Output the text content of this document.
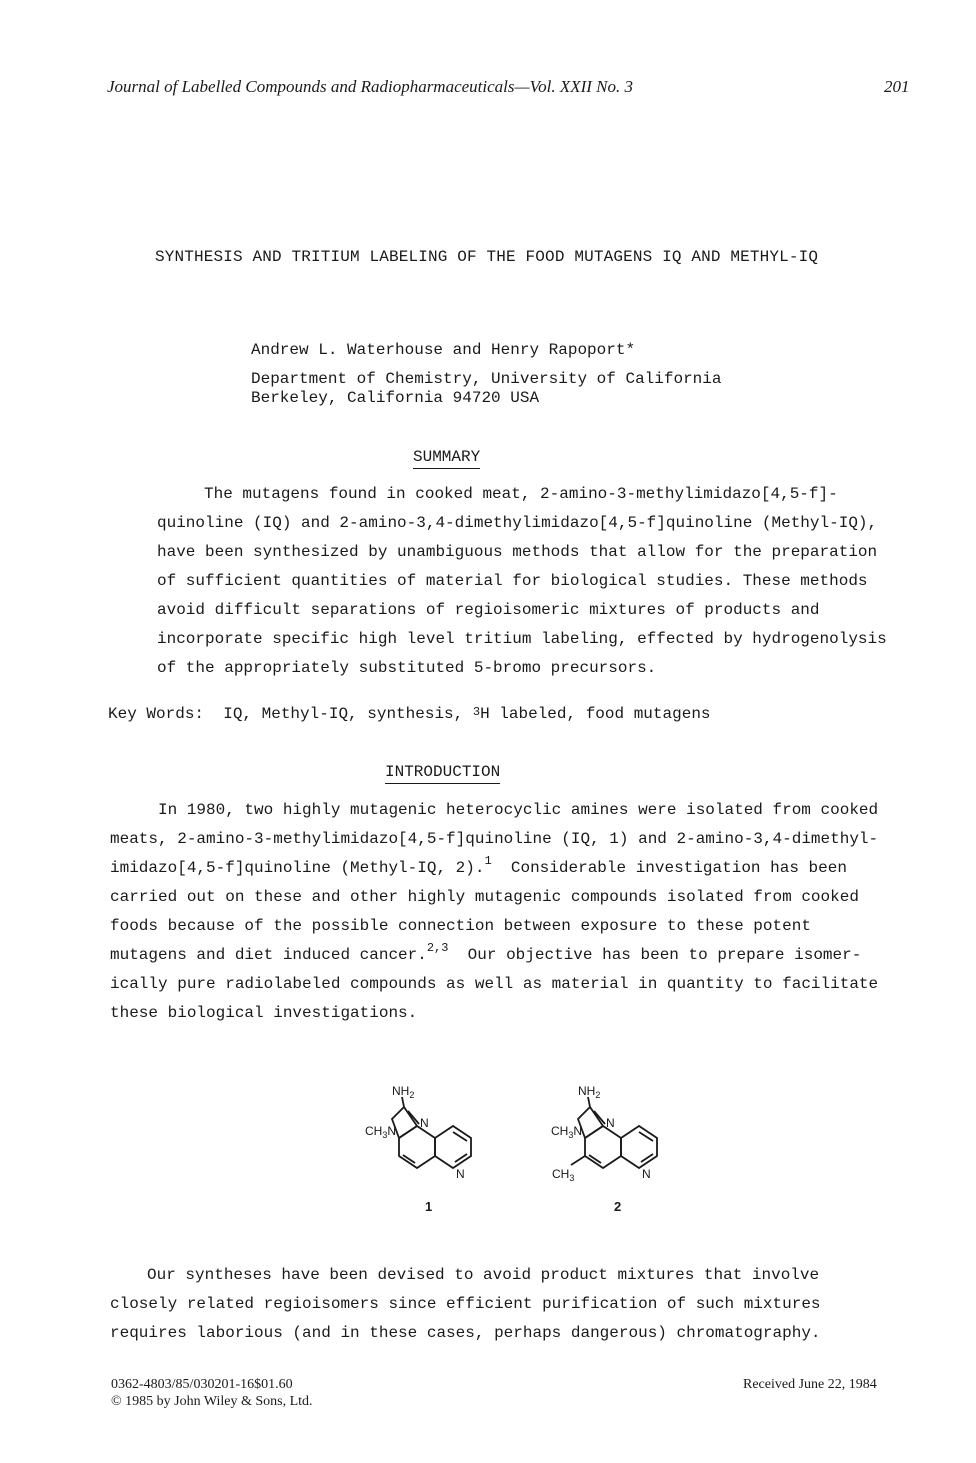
Journal of Labelled Compounds and Radiopharmaceuticals—Vol. XXII No. 3	201
SYNTHESIS AND TRITIUM LABELING OF THE FOOD MUTAGENS IQ AND METHYL-IQ
Andrew L. Waterhouse and Henry Rapoport*
Department of Chemistry, University of California
Berkeley, California 94720 USA
SUMMARY
The mutagens found in cooked meat, 2-amino-3-methylimidazo[4,5-f]-
quinoline (IQ) and 2-amino-3,4-dimethylimidazo[4,5-f]quinoline (Methyl-IQ),
have been synthesized by unambiguous methods that allow for the preparation
of sufficient quantities of material for biological studies. These methods
avoid difficult separations of regioisomeric mixtures of products and
incorporate specific high level tritium labeling, effected by hydrogenolysis
of the appropriately substituted 5-bromo precursors.
Key Words: IQ, Methyl-IQ, synthesis, $^3$H labeled, food mutagens
INTRODUCTION
In 1980, two highly mutagenic heterocyclic amines were isolated from cooked
meats, 2-amino-3-methylimidazo[4,5-f]quinoline (IQ, 1) and 2-amino-3,4-dimethyl-
imidazo[4,5-f]quinoline (Methyl-IQ, 2).$^1$ Considerable investigation has been
carried out on these and other highly mutagenic compounds isolated from cooked
foods because of the possible connection between exposure to these potent
mutagens and diet induced cancer.$^{2,3}$ Our objective has been to prepare isomer-
ically pure radiolabeled compounds as well as material in quantity to facilitate
these biological investigations.
$NH_2$
N
$CH_3N$
N
1
$NH_2$
N
$CH_3N$
$CH_3$	N
2
Our syntheses have been devised to avoid product mixtures that involve
closely related regioisomers since efficient purification of such mixtures
requires laborious (and in these cases, perhaps dangerous) chromatography.
0362-4803/85/030201-16$01.60
© 1985 by John Wiley & Sons, Ltd.
Received June 22, 1984
